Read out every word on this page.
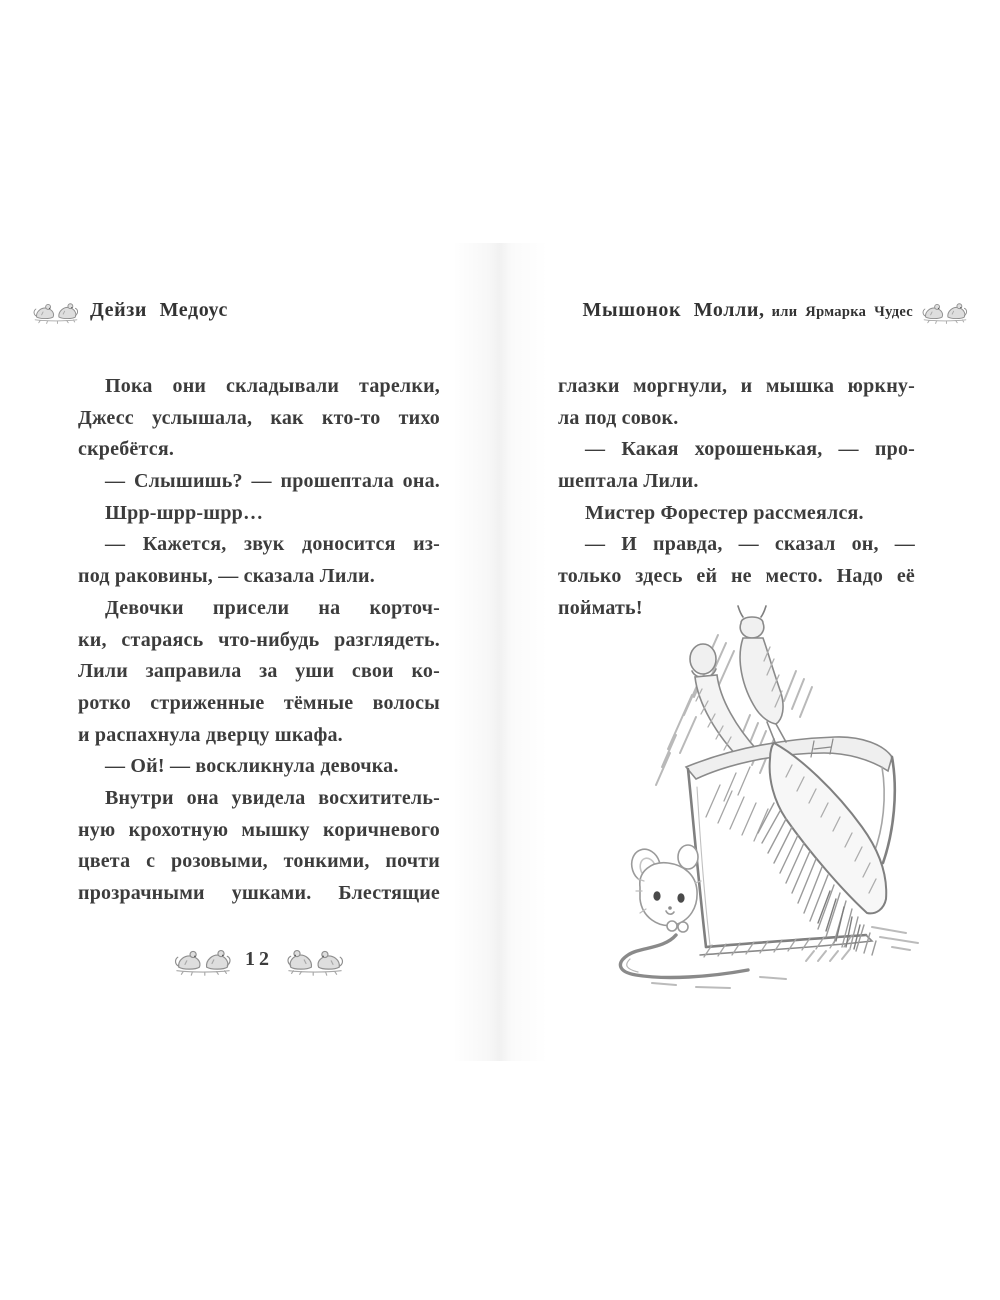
Дейзи Медоус	Мышонок Молли, или Ярмарка Чудес
Пока они складывали тарелки,
Джесс услышала, как кто-то тихо
скребётся.
— Слышишь? — прошептала она.
Шрр-шрр-шрр…
— Кажется, звук доносится из-
под раковины, — сказала Лили.
Девочки присели на корточ-
ки, стараясь что-нибудь разглядеть.
Лили заправила за уши свои ко-
ротко стриженные тёмные волосы
и распахнула дверцу шкафа.
— Ой! — воскликнула девочка.
Внутри она увидела восхититель-
ную крохотную мышку коричневого
цвета с розовыми, тонкими, почти
прозрачными ушками. Блестящие
глазки моргнули, и мышка юркну-
ла под совок.
— Какая хорошенькая, — про-
шептала Лили.
Мистер Форестер рассмеялся.
— И правда, — сказал он, —
только здесь ей не место. Надо её
поймать!
12
